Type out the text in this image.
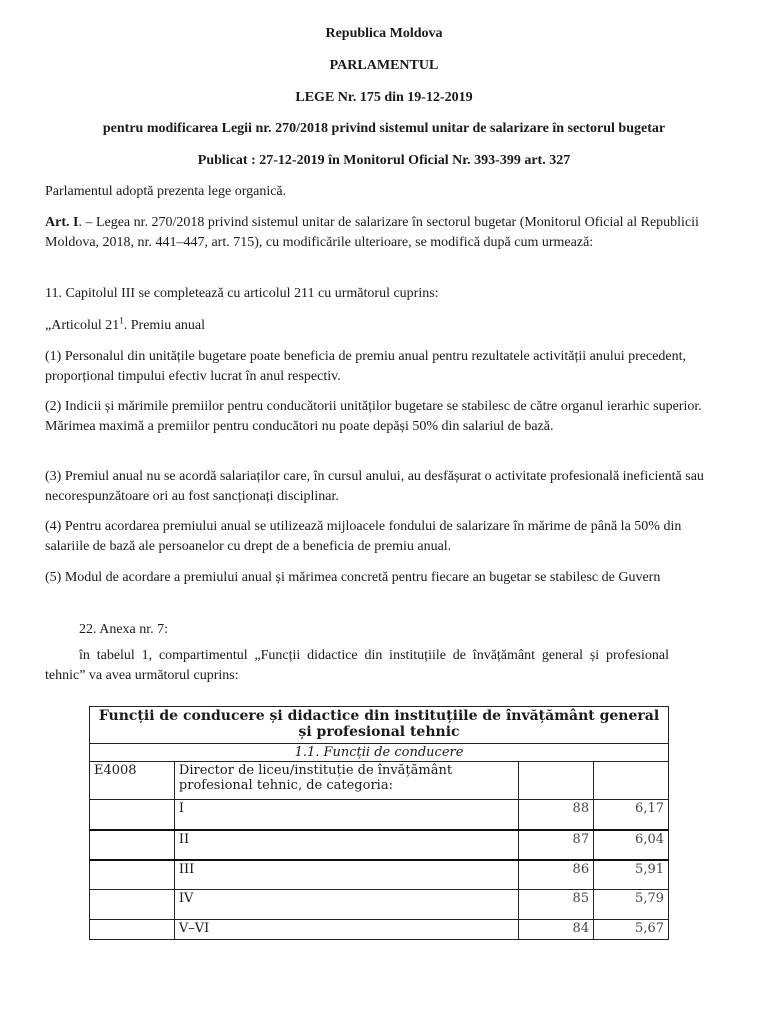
Republica Moldova
PARLAMENTUL
LEGE Nr. 175 din 19-12-2019
pentru modificarea Legii nr. 270/2018 privind sistemul unitar de salarizare în sectorul bugetar
Publicat : 27-12-2019 în Monitorul Oficial Nr. 393-399 art. 327
Parlamentul adoptă prezenta lege organică.
Art. I. – Legea nr. 270/2018 privind sistemul unitar de salarizare în sectorul bugetar (Monitorul Oficial al Republicii Moldova, 2018, nr. 441–447, art. 715), cu modificările ulterioare, se modifică după cum urmează:
11. Capitolul III se completează cu articolul 211 cu următorul cuprins:
„Articolul $21^1$. Premiu anual
(1) Personalul din unitățile bugetare poate beneficia de premiu anual pentru rezultatele activității anului precedent, proporțional timpului efectiv lucrat în anul respectiv.
(2) Indicii și mărimile premiilor pentru conducătorii unităților bugetare se stabilesc de către organul ierarhic superior. Mărimea maximă a premiilor pentru conducători nu poate depăși 50% din salariul de bază.
(3) Premiul anual nu se acordă salariaților care, în cursul anului, au desfășurat o activitate profesională ineficientă sau necorespunzătoare ori au fost sancționați disciplinar.
(4) Pentru acordarea premiului anual se utilizează mijloacele fondului de salarizare în mărime de până la 50% din salariile de bază ale persoanelor cu drept de a beneficia de premiu anual.
(5) Modul de acordare a premiului anual și mărimea concretă pentru fiecare an bugetar se stabilesc de Guvern
22. Anexa nr. 7:
în tabelul 1, compartimentul „Funcții didactice din instituțiile de învățământ general și profesional tehnic” va avea următorul cuprins:
Funcții de conducere și didactice din instituțiile de învățământ general și profesional tehnic			
1.1. Funcții de conducere			
E4008	Director de liceu/instituție de învățământ profesional tehnic, de categoria:		
	I	88	6,17
	II	87	6,04
	III	86	5,91
	IV	85	5,79
	V–VI	84	5,67
